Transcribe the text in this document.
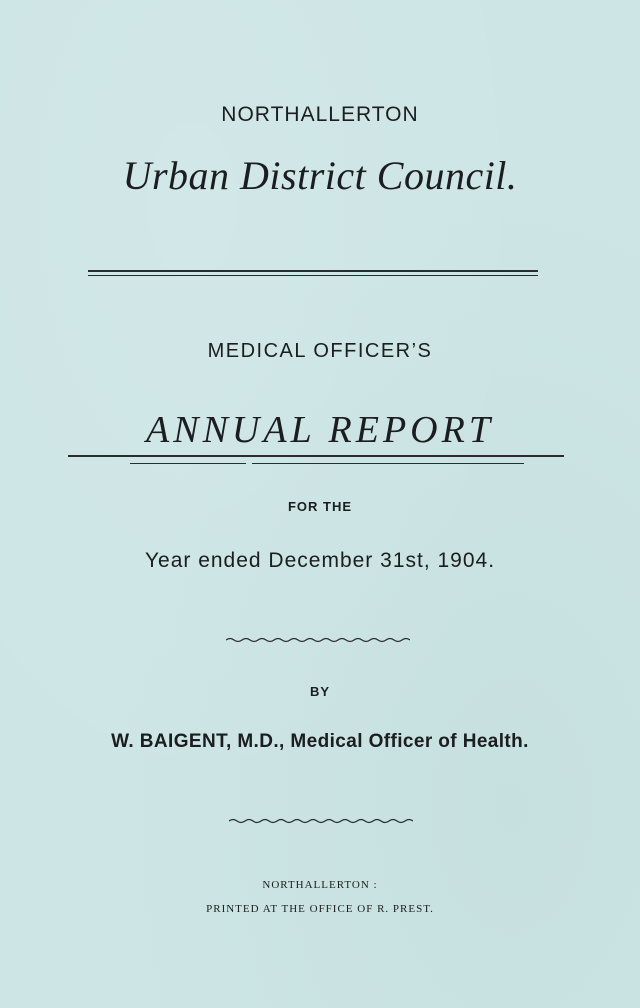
NORTHALLERTON
Urban District Council.
MEDICAL OFFICER’S
ANNUAL REPORT
FOR THE
Year ended December 31st, 1904.
BY
W. BAIGENT, M.D., Medical Officer of Health.
NORTHALLERTON :
PRINTED AT THE OFFICE OF R. PREST.
